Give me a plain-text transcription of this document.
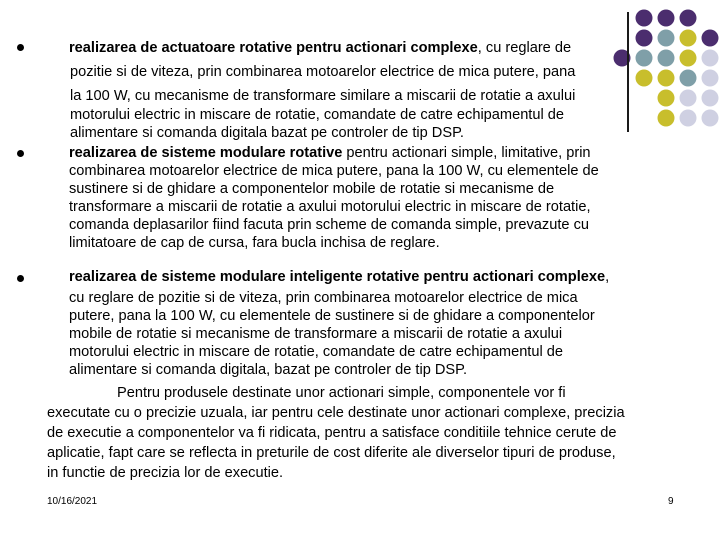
realizarea de actuatoare rotative pentru actionari complexe, cu reglare de
pozitie si de viteza, prin combinarea motoarelor electrice de mica putere, pana
la 100 W, cu mecanisme de transformare similare a miscarii de rotatie a axului
motorului electric in miscare de rotatie, comandate de catre echipamentul de
alimentare si comanda digitala bazat pe controler de tip DSP.
realizarea de sisteme modulare rotative pentru actionari simple, limitative, prin
combinarea motoarelor electrice de mica putere, pana la 100 W, cu elementele de
sustinere si de ghidare a componentelor mobile de rotatie si mecanisme de
transformare a miscarii de rotatie a axului motorului electric in miscare de rotatie,
comanda deplasarilor fiind facuta prin scheme de comanda simple, prevazute cu
limitatoare de cap de cursa, fara bucla inchisa de reglare.
realizarea de sisteme modulare inteligente rotative pentru actionari complexe,
cu reglare de pozitie si de viteza, prin combinarea motoarelor electrice de mica
putere, pana la 100 W, cu elementele de sustinere si de ghidare a componentelor
mobile de rotatie si mecanisme de transformare a miscarii de rotatie a axului
motorului electric in miscare de rotatie, comandate de catre echipamentul de
alimentare si comanda digitala, bazat pe controler de tip DSP.
Pentru produsele destinate unor actionari simple, componentele vor fi
executate cu o precizie uzuala, iar pentru cele destinate unor actionari complexe, precizia
de executie a componentelor va fi ridicata, pentru a satisface conditiile tehnice cerute de
aplicatie, fapt care se reflecta in preturile de cost diferite ale diverselor tipuri de produse,
in functie de precizia lor de executie.
10/16/2021	9
